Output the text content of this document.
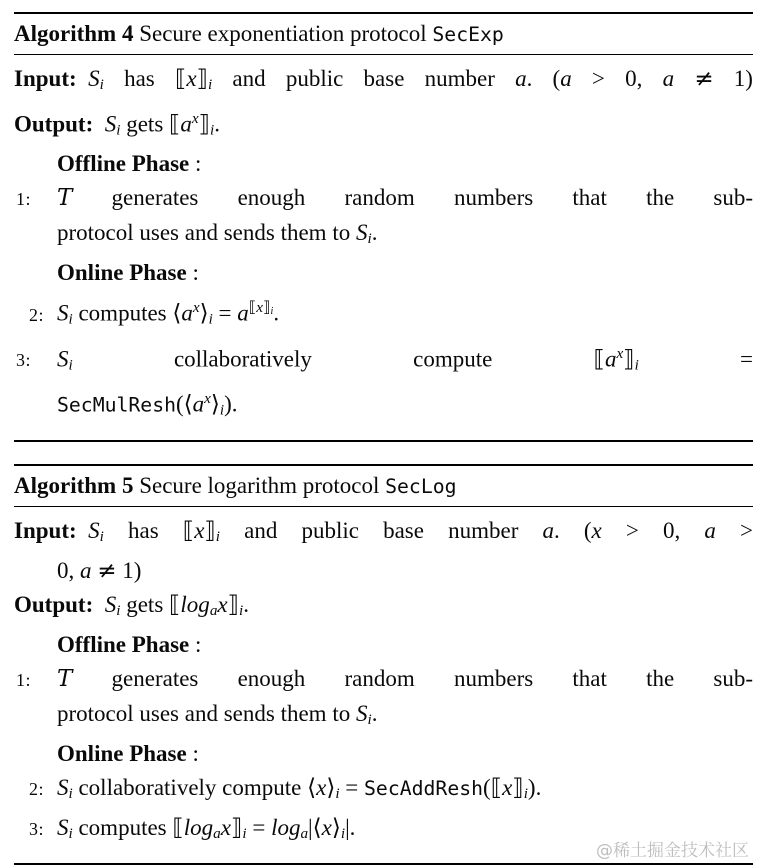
Algorithm 4 Secure exponentiation protocol SecExp
Input:  Si has ⟦x⟧i and public base number a. (a > 0, a ≠ 1)
Output:  Si gets $⟦a^x⟧i$.
Offline Phase :
1: T generates enough random numbers that the sub-
protocol uses and sends them to Si.
Online Phase :
2: Si computes $⟨a^x⟩i = a^{⟦x⟧i}$.
3: Si collaboratively compute $⟦a^x⟧i$ =
$SecMulResh(⟨a^x⟩i)$.
Algorithm 5 Secure logarithm protocol SecLog
Input:  Si has ⟦x⟧i and public base number a. (x > 0, a >
0, a ≠ 1)
Output:  Si gets ⟦logax⟧i.
Offline Phase :
1: T generates enough random numbers that the sub-
protocol uses and sends them to Si.
Online Phase :
2: Si collaboratively compute ⟨x⟩i = SecAddResh(⟦x⟧i).
3: Si computes ⟦logax⟧i = loga|⟨x⟩i|.
@稀土掘金技术社区
